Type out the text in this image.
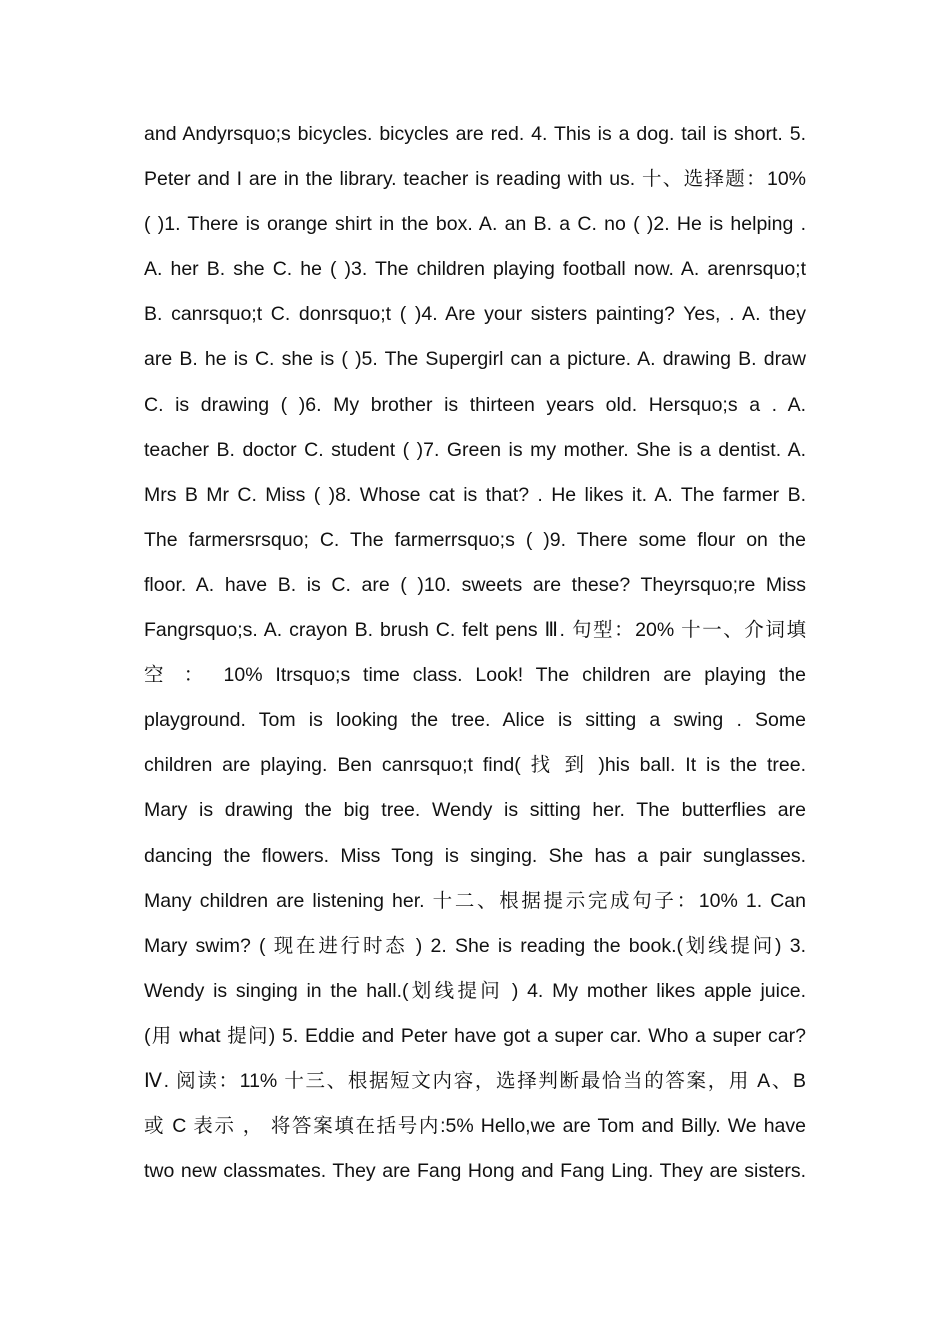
and Andyrsquo;s bicycles. bicycles are red. 4. This is a dog. tail is short. 5.
Peter and I are in the library. teacher is reading with us. 十、选择题：10%
( )1. There is orange shirt in the box. A. an B. a C. no ( )2. He is helping .
A. her B. she C. he ( )3. The children playing football now. A. arenrsquo;t
B. canrsquo;t C. donrsquo;t ( )4. Are your sisters painting? Yes, . A. they
are B. he is C. she is ( )5. The Supergirl can a picture. A. drawing B. draw
C. is drawing ( )6. My brother is thirteen years old. Hersquo;s a . A.
teacher B. doctor C. student ( )7. Green is my mother. She is a dentist. A.
Mrs B Mr C. Miss ( )8. Whose cat is that? . He likes it. A. The farmer B.
The farmersrsquo; C. The farmerrsquo;s ( )9. There some flour on the
floor. A. have B. is C. are ( )10. sweets are these? Theyrsquo;re Miss
Fangrsquo;s. A. crayon B. brush C. felt pens Ⅲ. 句型：20% 十一、介词填
空 ： 10% Itrsquo;s time class. Look! The children are playing the
playground. Tom is looking the tree. Alice is sitting a swing . Some
children are playing. Ben canrsquo;t find( 找 到 )his ball. It is the tree.
Mary is drawing the big tree. Wendy is sitting her. The butterflies are
dancing the flowers. Miss Tong is singing. She has a pair sunglasses.
Many children are listening her. 十二、根据提示完成句子：10% 1. Can
Mary swim? ( 现在进行时态 ) 2. She is reading the book.(划线提问) 3.
Wendy is singing in the hall.(划线提问 ) 4. My mother likes apple juice.
(用 what 提问) 5. Eddie and Peter have got a super car. Who a super car?
Ⅳ. 阅读：11% 十三、根据短文内容，选择判断最恰当的答案，用 A、B
或 C 表示 ， 将答案填在括号内:5% Hello,we are Tom and Billy. We have
two new classmates. They are Fang Hong and Fang Ling. They are sisters.
